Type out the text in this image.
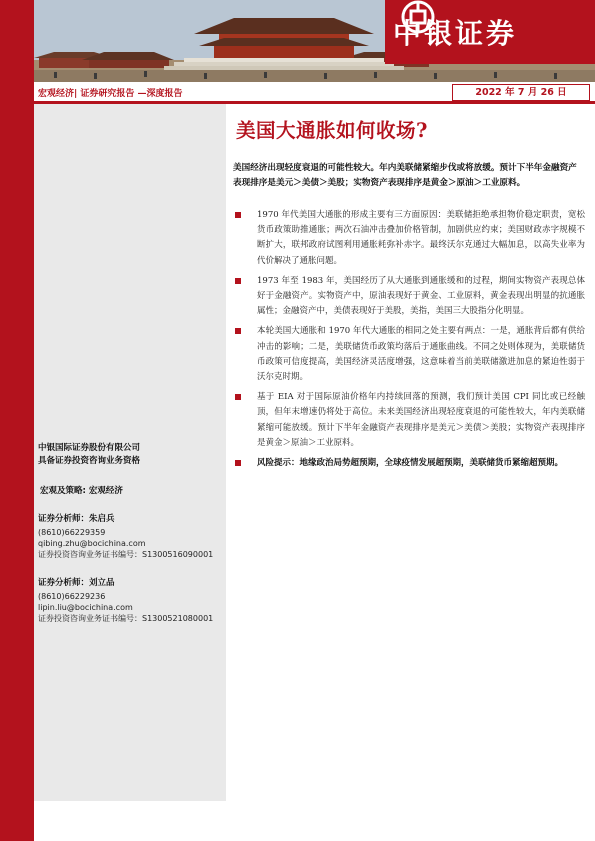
中银证券
宏观经济| 证券研究报告 —深度报告	2022 年 7 月 26 日
中银国际证券股份有限公司
具备证券投资咨询业务资格
宏观及策略: 宏观经济
证券分析师：朱启兵
(8610)66229359
qibing.zhu@bocichina.com
证券投资咨询业务证书编号：S1300516090001
证券分析师：刘立品
(8610)66229236
lipin.liu@bocichina.com
证券投资咨询业务证书编号：S1300521080001
美国大通胀如何收场?

美国经济出现轻度衰退的可能性较大。年内美联储紧缩步伐或将放缓。预计下半年金融资产表现排序是美元＞美债＞美股；实物资产表现排序是黄金＞原油＞工业原料。

1970 年代美国大通胀的形成主要有三方面原因：美联储拒绝承担物价稳定职责，宽松货币政策助推通胀；两次石油冲击叠加价格管制，加剧供应约束；美国财政赤字规模不断扩大，联邦政府试图利用通胀耗弥补赤字。最终沃尔克通过大幅加息，以高失业率为代价解决了通胀问题。
1973 年至 1983 年，美国经历了从大通胀到通胀缓和的过程，期间实物资产表现总体好于金融资产。实物资产中，原油表现好于黄金、工业原料，黄金表现出明显的抗通胀属性；金融资产中，美债表现好于美股，美指，美国三大股指分化明显。
本轮美国大通胀和 1970 年代大通胀的相同之处主要有两点：一是，通胀背后都有供给冲击的影响；二是，美联储货币政策均落后于通胀曲线。不同之处则体现为，美联储货币政策可信度提高，美国经济灵活度增强，这意味着当前美联储激进加息的紧迫性弱于沃尔克时期。
基于 EIA 对于国际原油价格年内持续回落的预测，我们预计美国 CPI 同比或已经触顶，但年末增速仍将处于高位。未来美国经济出现轻度衰退的可能性较大，年内美联储紧缩可能放缓。预计下半年金融资产表现排序是美元＞美债＞美股；实物资产表现排序是黄金＞原油＞工业原料。
风险提示：地缘政治局势超预期，全球疫情发展超预期，美联储货币紧缩超预期。
